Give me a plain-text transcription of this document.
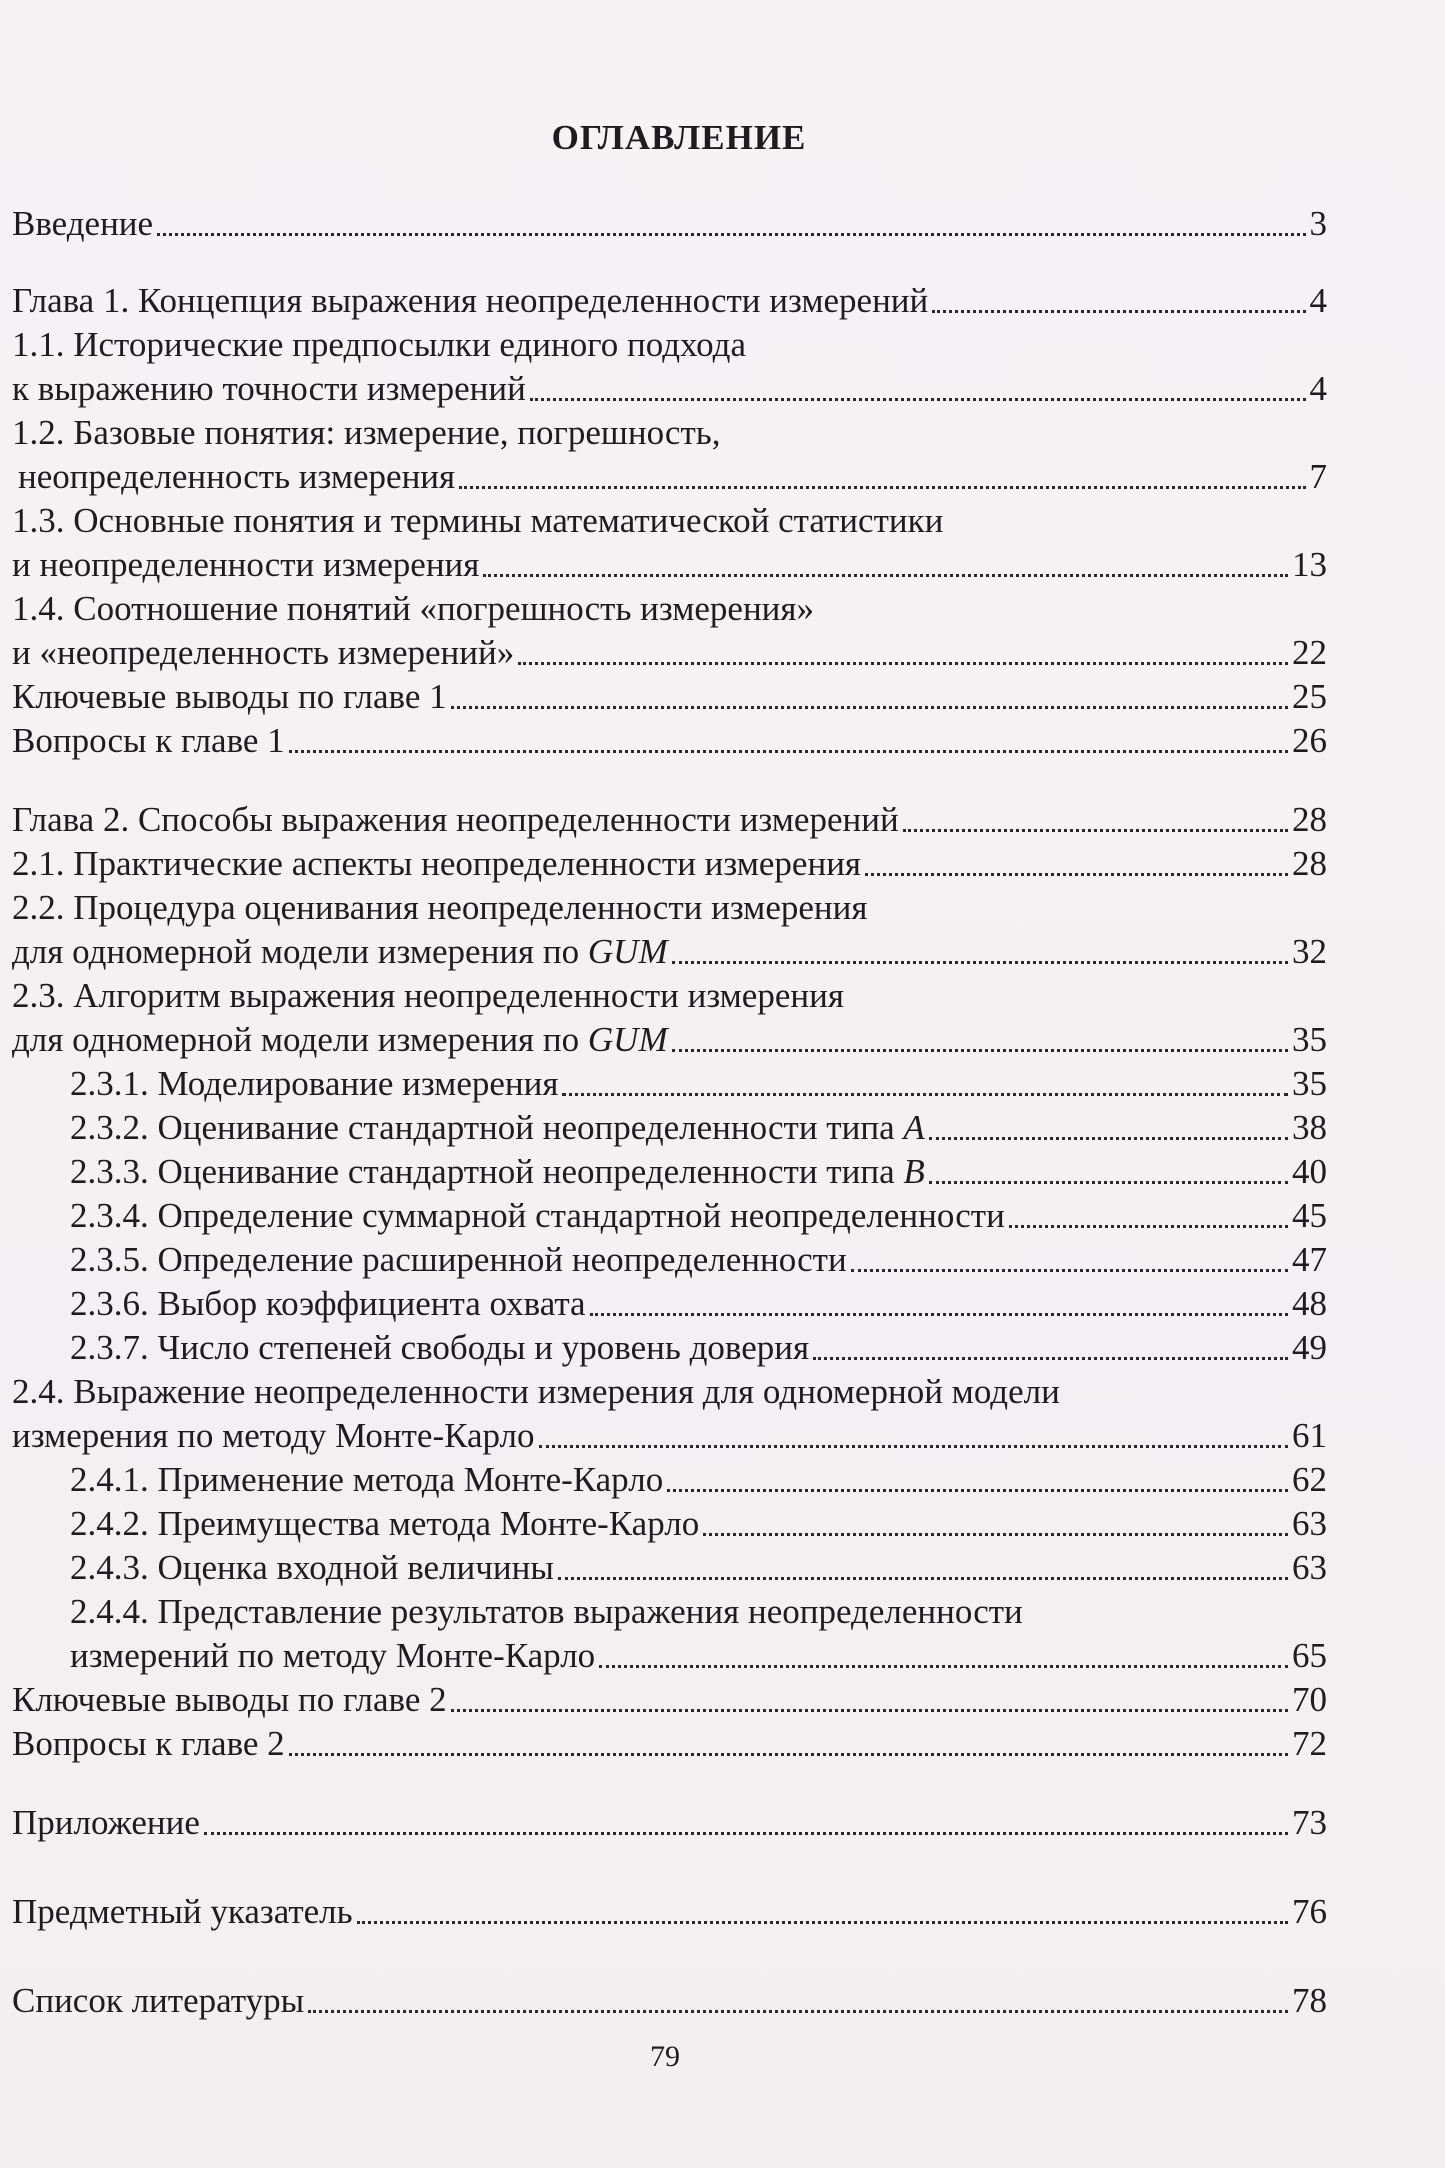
ОГЛАВЛЕНИЕ
Введение	3
Глава 1. Концепция выражения неопределенности измерений	4
1.1. Исторические предпосылки единого подхода
к выражению точности измерений	4
1.2. Базовые понятия: измерение, погрешность,
неопределенность измерения	7
1.3. Основные понятия и термины математической статистики
и неопределенности измерения	13
1.4. Соотношение понятий «погрешность измерения»
и «неопределенность измерений»	22
Ключевые выводы по главе 1	25
Вопросы к главе 1	26
Глава 2. Способы выражения неопределенности измерений	28
2.1. Практические аспекты неопределенности измерения	28
2.2. Процедура оценивания неопределенности измерения
для одномерной модели измерения по
GUM	32
2.3. Алгоритм выражения неопределенности измерения
для одномерной модели измерения по
GUM	35
2.3.1. Моделирование измерения	35
2.3.2. Оценивание стандартной неопределенности типа
A	38
2.3.3. Оценивание стандартной неопределенности типа
B	40
2.3.4. Определение суммарной стандартной неопределенности	45
2.3.5. Определение расширенной неопределенности	47
2.3.6. Выбор коэффициента охвата	48
2.3.7. Число степеней свободы и уровень доверия	49
2.4. Выражение неопределенности измерения для одномерной модели
измерения по методу Монте-Карло	61
2.4.1. Применение метода Монте-Карло	62
2.4.2. Преимущества метода Монте-Карло	63
2.4.3. Оценка входной величины	63
2.4.4. Представление результатов выражения неопределенности
измерений по методу Монте-Карло	65
Ключевые выводы по главе 2	70
Вопросы к главе 2	72
Приложение	73
Предметный указатель	76
Список литературы	78
79
